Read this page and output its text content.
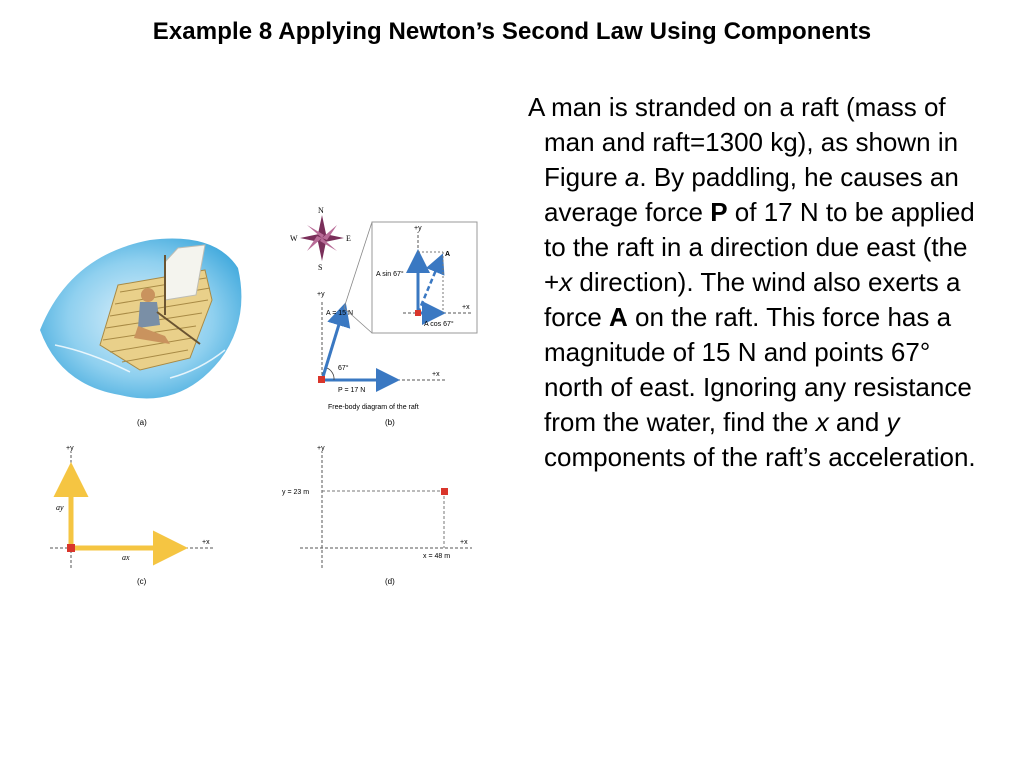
Example 8 Applying Newton’s Second Law Using Components
A man is stranded on a raft (mass of man and raft=1300 kg), as shown in Figure a. By paddling, he causes an average force P of 17 N to be applied to the raft in a direction due east (the +x direction). The wind also exerts a force A on the raft. This force has a magnitude of 15 N and points 67° north of east. Ignoring any resistance from the water, find the x and y components of the raft’s acceleration.
(a)
N
S
E
W
+y
+x
67°
A = 15 N
P = 17 N
Free-body diagram of the raft
(b)
+y
+x
A
A sin 67°
A cos 67°
+y
+x
ay
ax
(c)
+y
+x
y = 23 m
x = 48 m
(d)
